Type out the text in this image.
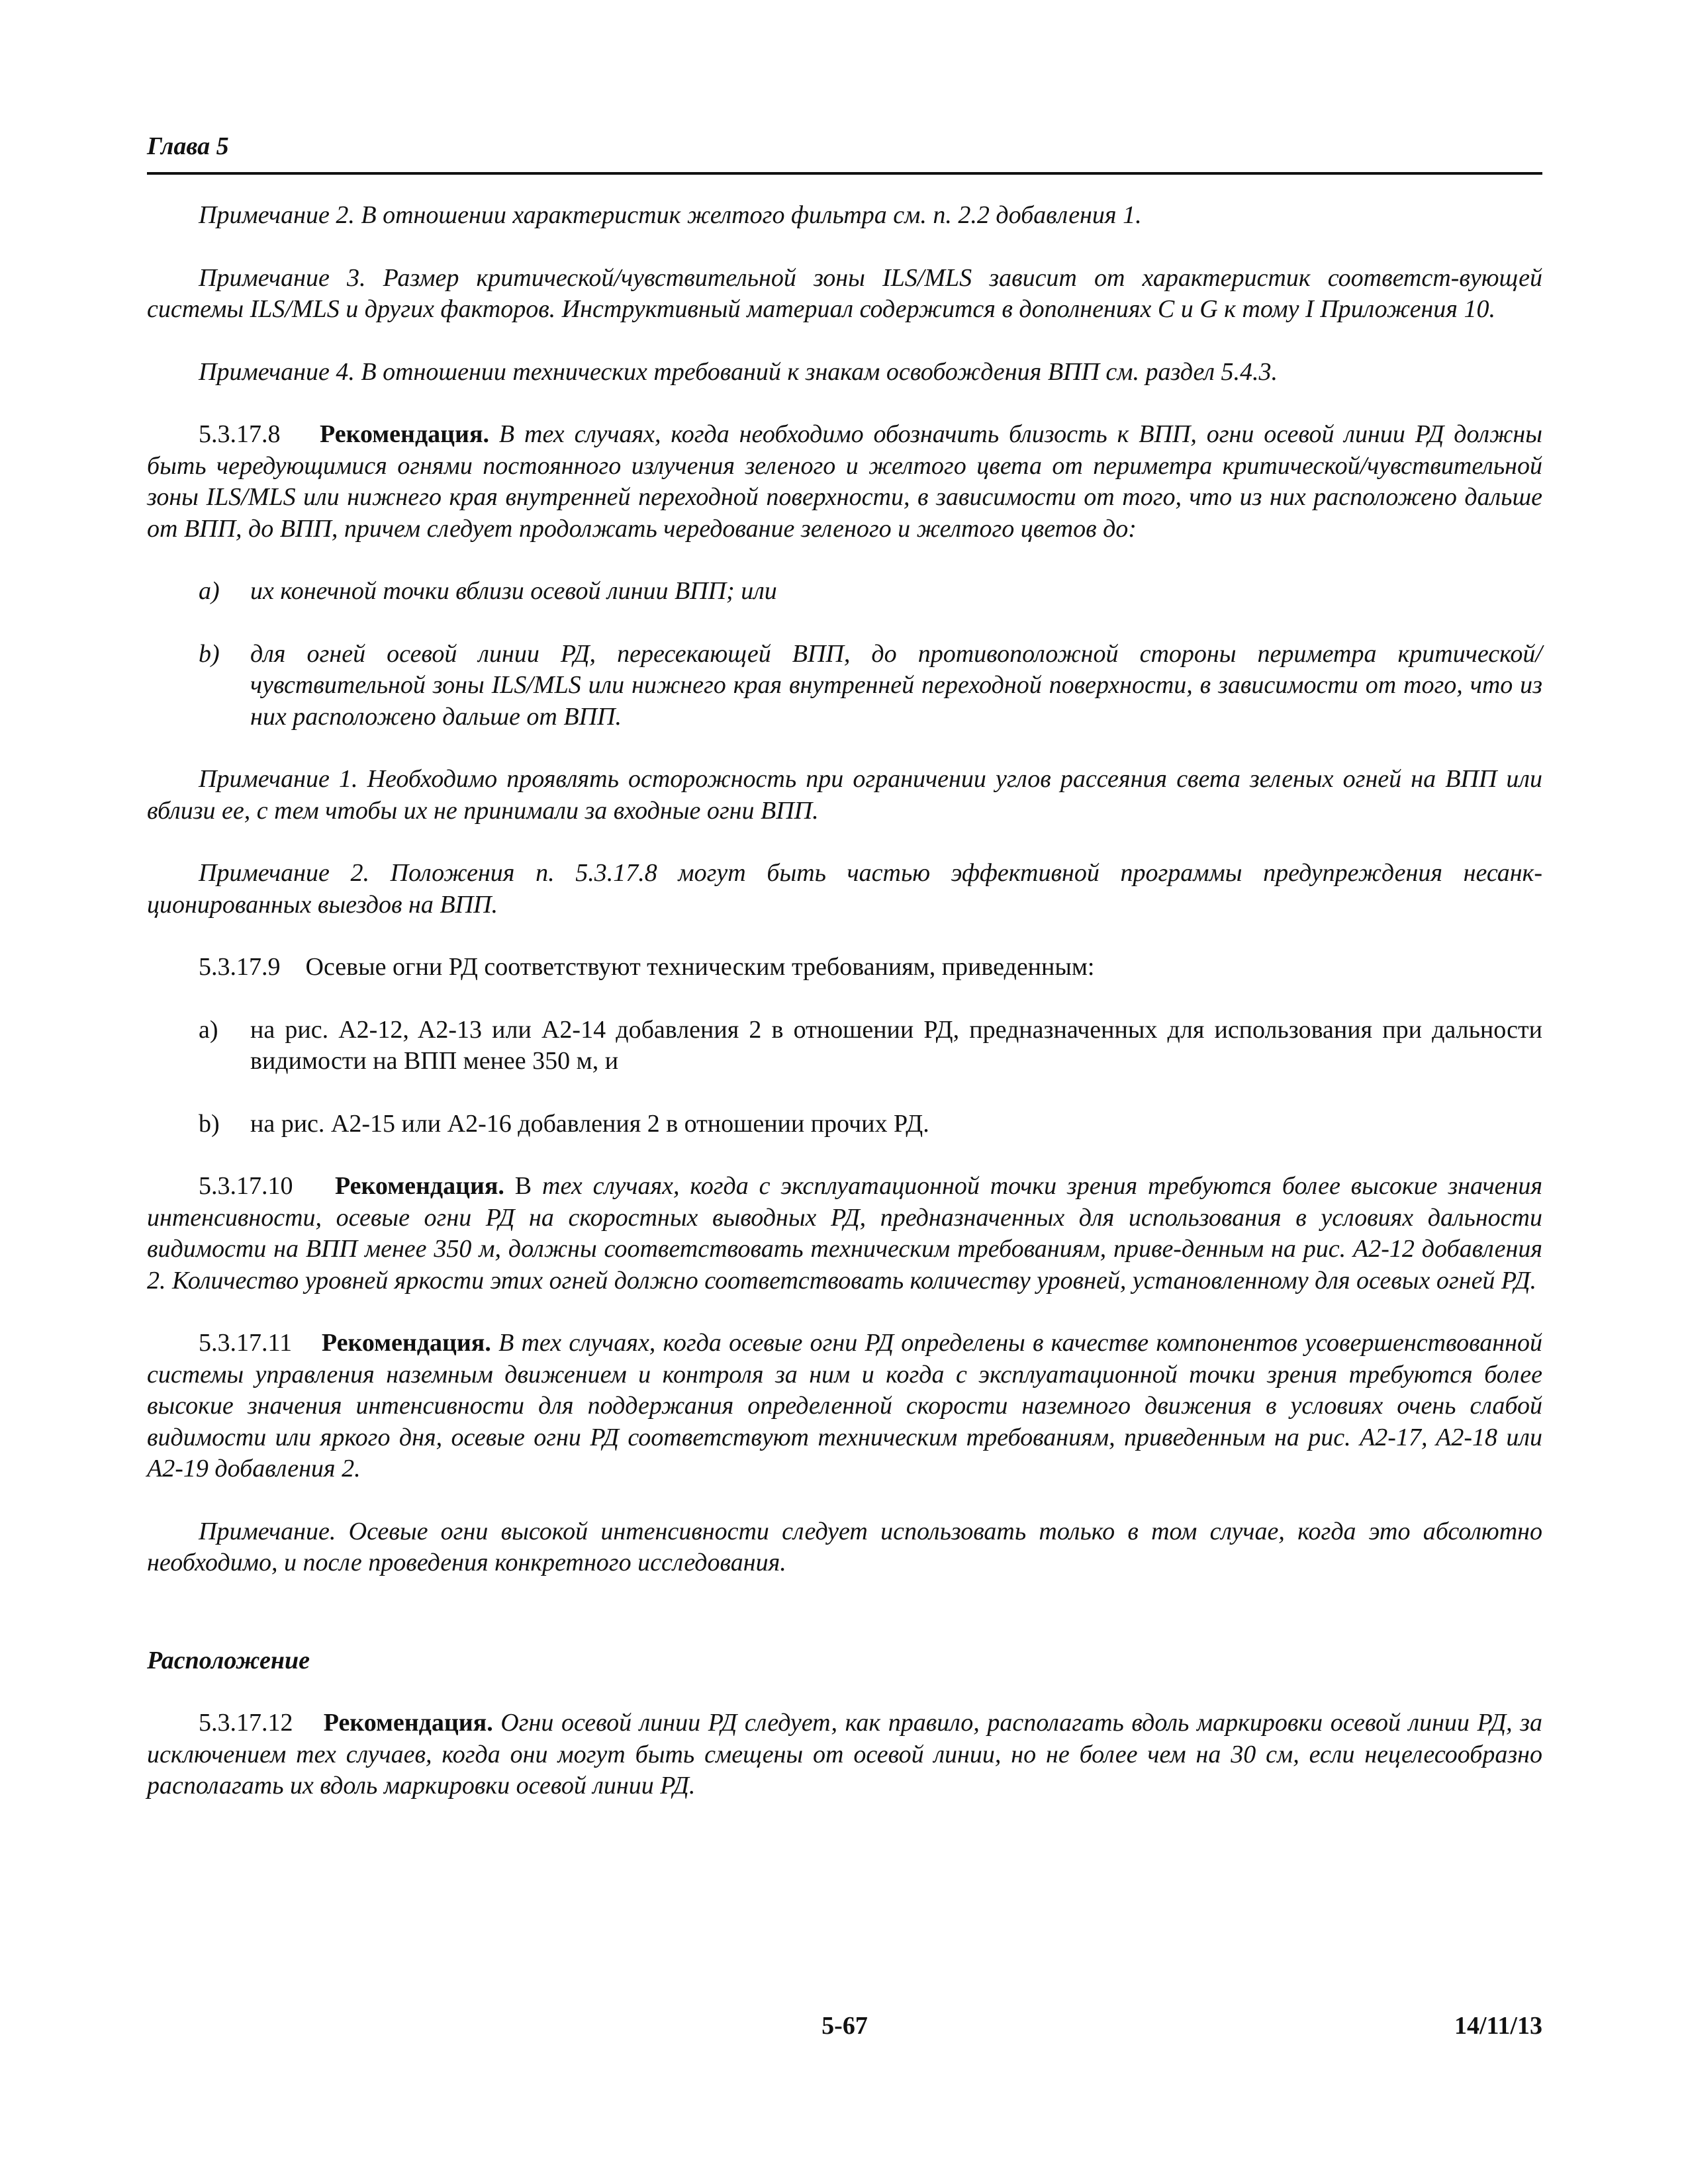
Глава 5

Примечание 2. В отношении характеристик желтого фильтра см. п. 2.2 добавления 1.

Примечание 3. Размер критической/чувствительной зоны ILS/MLS зависит от характеристик соответст-вующей системы ILS/MLS и других факторов. Инструктивный материал содержится в дополнениях C и G к тому I Приложения 10.

Примечание 4. В отношении технических требований к знакам освобождения ВПП см. раздел 5.4.3.

5.3.17.8 Рекомендация. В тех случаях, когда необходимо обозначить близость к ВПП, огни осевой линии РД должны быть чередующимися огнями постоянного излучения зеленого и желтого цвета от периметра критической/чувствительной зоны ILS/MLS или нижнего края внутренней переходной поверхности, в зависимости от того, что из них расположено дальше от ВПП, до ВПП, причем следует продолжать чередование зеленого и желтого цветов до:

a) их конечной точки вблизи осевой линии ВПП; или
b) для огней осевой линии РД, пересекающей ВПП, до противоположной стороны периметра критической/чувствительной зоны ILS/MLS или нижнего края внутренней переходной поверхности, в зависимости от того, что из них расположено дальше от ВПП.

Примечание 1. Необходимо проявлять осторожность при ограничении углов рассеяния света зеленых огней на ВПП или вблизи ее, с тем чтобы их не принимали за входные огни ВПП.

Примечание 2. Положения п. 5.3.17.8 могут быть частью эффективной программы предупреждения несанк-ционированных выездов на ВПП.

5.3.17.9 Осевые огни РД соответствуют техническим требованиям, приведенным:

a) на рис. A2-12, A2-13 или A2-14 добавления 2 в отношении РД, предназначенных для использования при дальности видимости на ВПП менее 350 м, и
b) на рис. A2-15 или A2-16 добавления 2 в отношении прочих РД.

5.3.17.10 Рекомендация. В тех случаях, когда с эксплуатационной точки зрения требуются более высокие значения интенсивности, осевые огни РД на скоростных выводных РД, предназначенных для использования в условиях дальности видимости на ВПП менее 350 м, должны соответствовать техническим требованиям, приве-денным на рис. A2-12 добавления 2. Количество уровней яркости этих огней должно соответствовать количеству уровней, установленному для осевых огней РД.

5.3.17.11 Рекомендация. В тех случаях, когда осевые огни РД определены в качестве компонентов усовершенствованной системы управления наземным движением и контроля за ним и когда с эксплуатационной точки зрения требуются более высокие значения интенсивности для поддержания определенной скорости наземного движения в условиях очень слабой видимости или яркого дня, осевые огни РД соответствуют техническим требованиям, приведенным на рис. A2-17, A2-18 или A2-19 добавления 2.

Примечание. Осевые огни высокой интенсивности следует использовать только в том случае, когда это абсолютно необходимо, и после проведения конкретного исследования.

Расположение

5.3.17.12 Рекомендация. Огни осевой линии РД следует, как правило, располагать вдоль маркировки осевой линии РД, за исключением тех случаев, когда они могут быть смещены от осевой линии, но не более чем на 30 см, если нецелесообразно располагать их вдоль маркировки осевой линии РД.

5-67	14/11/13
